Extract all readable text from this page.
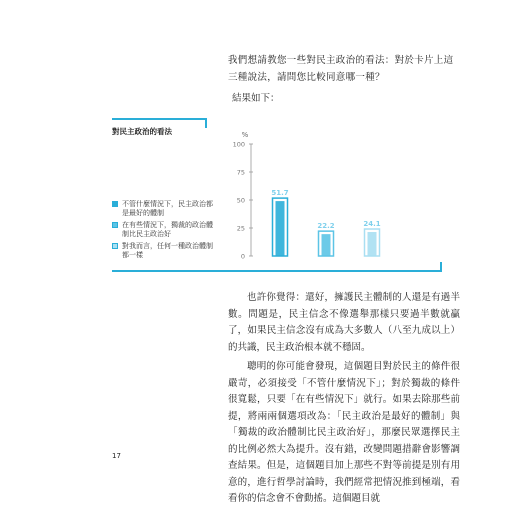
我們想請教您一些對民主政治的看法：對於卡片上這三種說法，請問您比較同意哪一種？
結果如下：
對民主政治的看法
不管什麼情況下，民主政治都是最好的體制
在有些情況下，獨裁的政治體制比民主政治好
對我而言，任何一種政治體制都一樣
%
0
25
50
75
100
51.7
22.2	24.1

也許你覺得：還好，擁護民主體制的人還是有過半數。問題是，民主信念不像選舉那樣只要過半數就贏了，如果民主信念沒有成為大多數人（八至九成以上）的共識，民主政治根本就不穩固。

聰明的你可能會發現，這個題目對於民主的條件很嚴苛，必須接受「不管什麼情況下」；對於獨裁的條件很寬鬆，只要「在有些情況下」就行。如果去除那些前提，將兩兩個選項改為：「民主政治是最好的體制」與「獨裁的政治體制比民主政治好」，那麼民眾選擇民主的比例必然大為提升。沒有錯，改變問題措辭會影響調查結果。但是，這個題目加上那些不對等前提是別有用意的，進行哲學討論時，我們經常把情況推到極端，看看你的信念會不會動搖。這個題目就

17
